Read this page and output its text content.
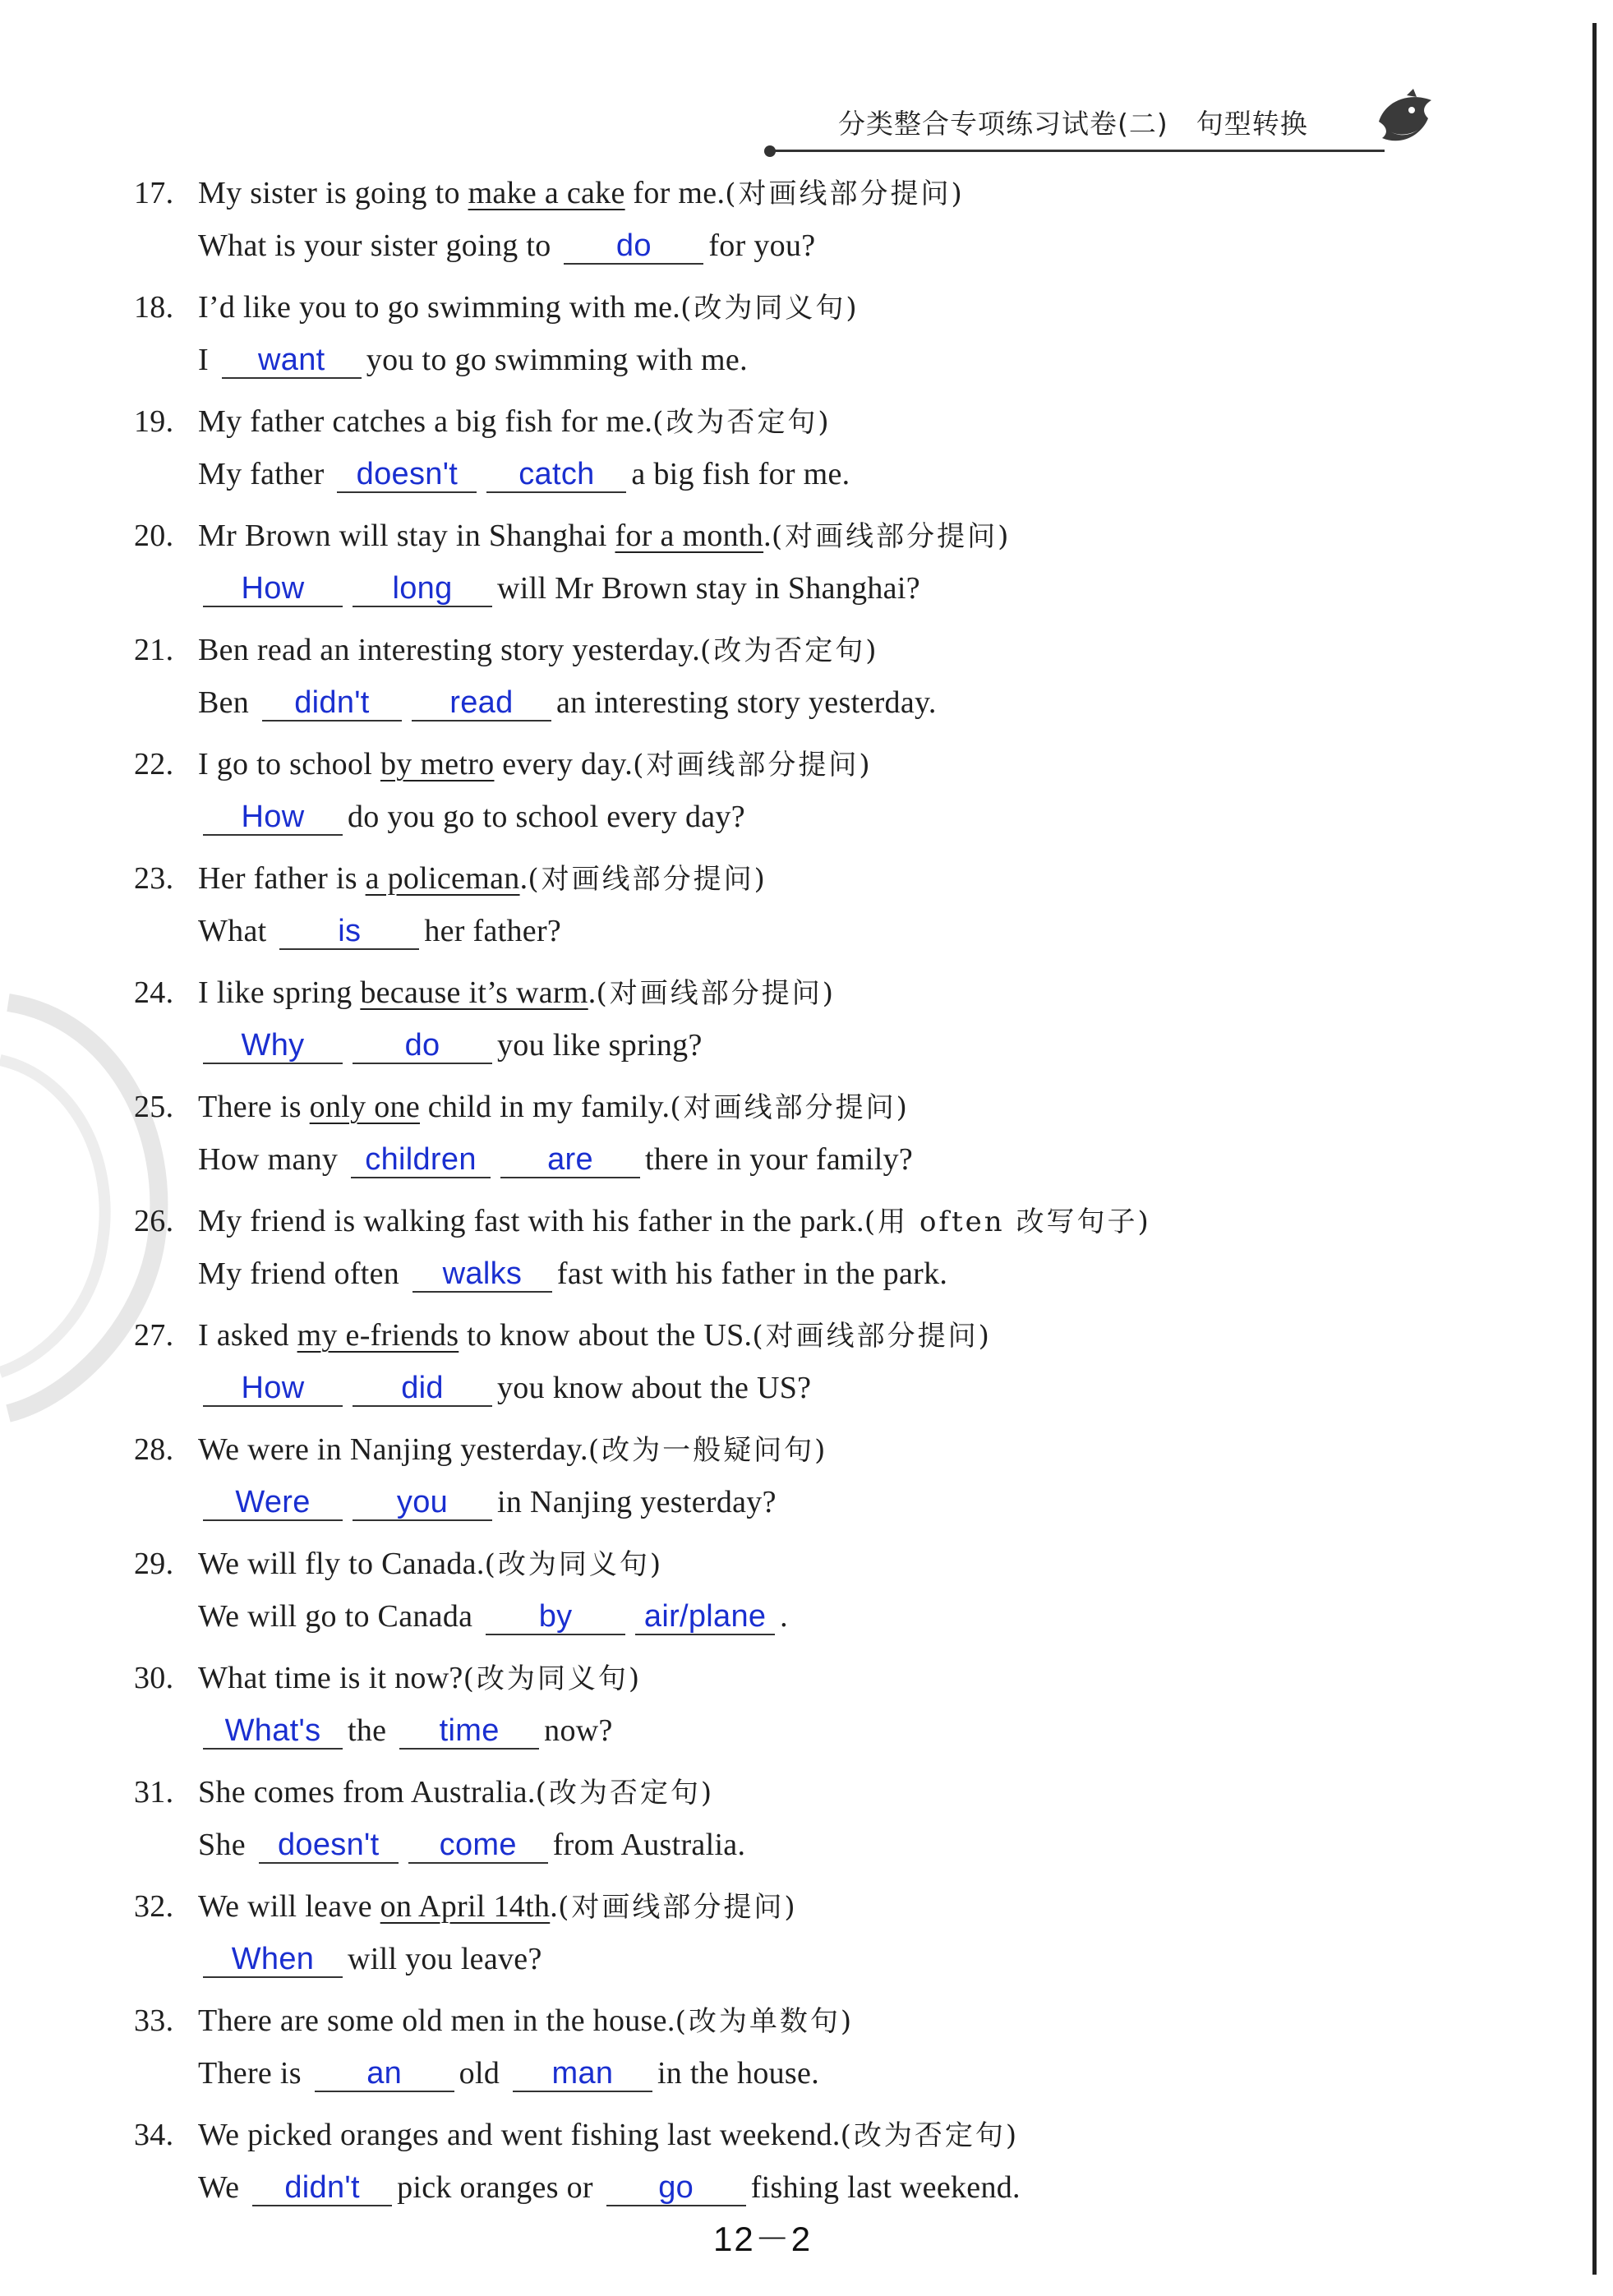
分类整合专项练习试卷(二) 句型转换
17. My sister is going to make a cake for me.(对画线部分提问)
What is your sister going to do for you?
18. I’d like you to go swimming with me.(改为同义句)
I want you to go swimming with me.
19. My father catches a big fish for me.(改为否定句)
My father doesn't catch a big fish for me.
20. Mr Brown will stay in Shanghai for a month.(对画线部分提问)
How	long will Mr Brown stay in Shanghai?
21. Ben read an interesting story yesterday.(改为否定句)
Ben didn't	read an interesting story yesterday.
22. I go to school by metro every day.(对画线部分提问)
How do you go to school every day?
23. Her father is a policeman.(对画线部分提问)
What is her father?
24. I like spring because it’s warm.(对画线部分提问)
Why	do you like spring?
25. There is only one child in my family.(对画线部分提问)
How many children are there in your family?
26. My friend is walking fast with his father in the park.(用 often 改写句子)
My friend often walks fast with his father in the park.
27. I asked my e-friends to know about the US.(对画线部分提问)
How	did you know about the US?
28. We were in Nanjing yesterday.(改为一般疑问句)
Were	you in Nanjing yesterday?
29. We will fly to Canada.(改为同义句)
We will go to Canada by air/plane .
30. What time is it now?(改为同义句)
What's the time now?
31. She comes from Australia.(改为否定句)
She doesn't come from Australia.
32. We will leave on April 14th.(对画线部分提问)
When will you leave?
33. There are some old men in the house.(改为单数句)
There is an old man in the house.
34. We picked oranges and went fishing last weekend.(改为否定句)
We didn't pick oranges or go fishing last weekend.
12－2
